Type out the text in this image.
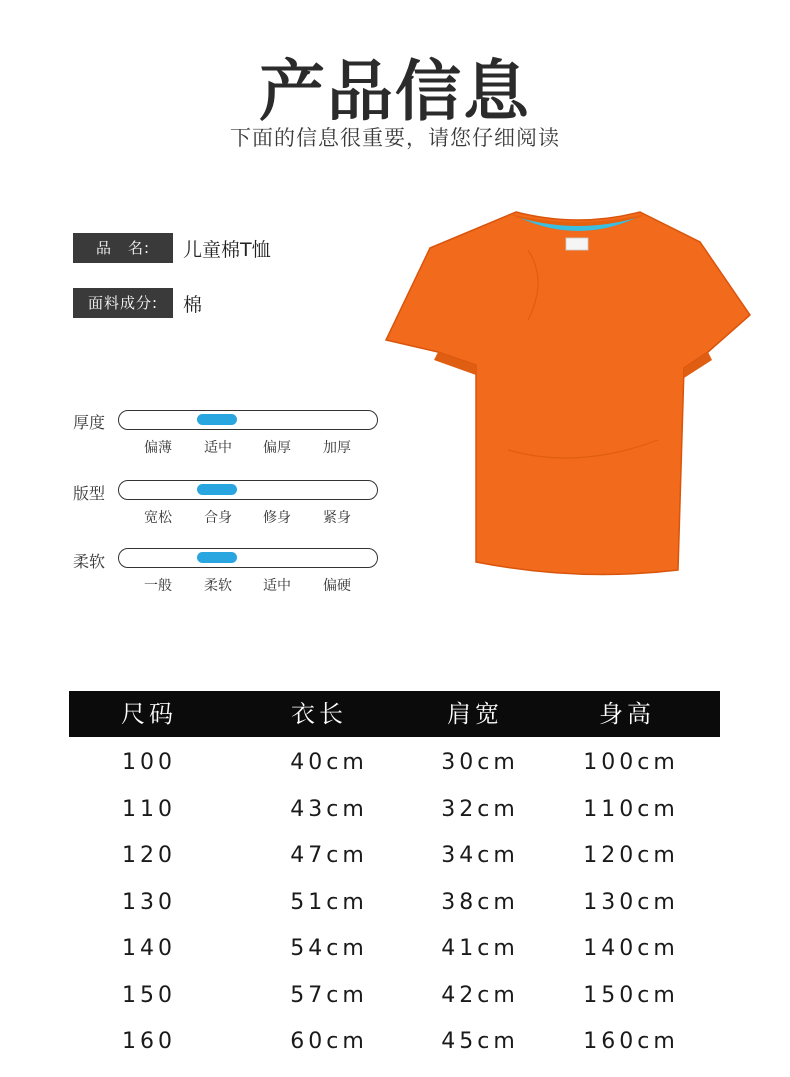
产品信息
下面的信息很重要，请您仔细阅读
品　名:	儿童棉T恤
面料成分:	棉
厚度
偏薄	适中	偏厚	加厚
版型
宽松	合身	修身	紧身
柔软
一般	柔软	适中	偏硬
尺码	衣长	肩宽	身高
100	40cm	30cm	100cm
110	43cm	32cm	110cm
120	47cm	34cm	120cm
130	51cm	38cm	130cm
140	54cm	41cm	140cm
150	57cm	42cm	150cm
160	60cm	45cm	160cm
